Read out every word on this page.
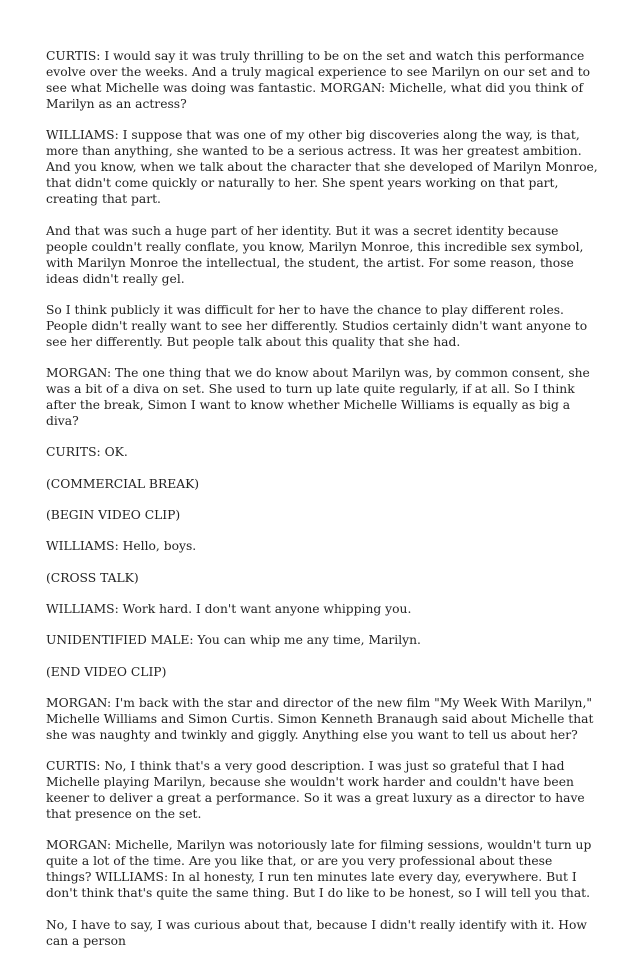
CURTIS: I would say it was truly thrilling to be on the set and watch this performance evolve over the weeks. And a truly magical experience to see Marilyn on our set and to see what Michelle was doing was fantastic. MORGAN: Michelle, what did you think of Marilyn as an actress?

WILLIAMS: I suppose that was one of my other big discoveries along the way, is that, more than anything, she wanted to be a serious actress. It was her greatest ambition. And you know, when we talk about the character that she developed of Marilyn Monroe, that didn't come quickly or naturally to her. She spent years working on that part, creating that part.

And that was such a huge part of her identity. But it was a secret identity because people couldn't really conflate, you know, Marilyn Monroe, this incredible sex symbol, with Marilyn Monroe the intellectual, the student, the artist. For some reason, those ideas didn't really gel.

So I think publicly it was difficult for her to have the chance to play different roles. People didn't really want to see her differently. Studios certainly didn't want anyone to see her differently. But people talk about this quality that she had.

MORGAN: The one thing that we do know about Marilyn was, by common consent, she was a bit of a diva on set. She used to turn up late quite regularly, if at all. So I think after the break, Simon I want to know whether Michelle Williams is equally as big a diva?

CURITS: OK.

(COMMERCIAL BREAK)

(BEGIN VIDEO CLIP)

WILLIAMS: Hello, boys.

(CROSS TALK)

WILLIAMS: Work hard. I don't want anyone whipping you.

UNIDENTIFIED MALE: You can whip me any time, Marilyn.

(END VIDEO CLIP)

MORGAN: I'm back with the star and director of the new film "My Week With Marilyn," Michelle Williams and Simon Curtis. Simon Kenneth Branaugh said about Michelle that she was naughty and twinkly and giggly. Anything else you want to tell us about her?

CURTIS: No, I think that's a very good description. I was just so grateful that I had Michelle playing Marilyn, because she wouldn't work harder and couldn't have been keener to deliver a great a performance. So it was a great luxury as a director to have that presence on the set.

MORGAN: Michelle, Marilyn was notoriously late for filming sessions, wouldn't turn up quite a lot of the time. Are you like that, or are you very professional about these things? WILLIAMS: In al honesty, I run ten minutes late every day, everywhere. But I don't think that's quite the same thing. But I do like to be honest, so I will tell you that.

No, I have to say, I was curious about that, because I didn't really identify with it. How can a person
